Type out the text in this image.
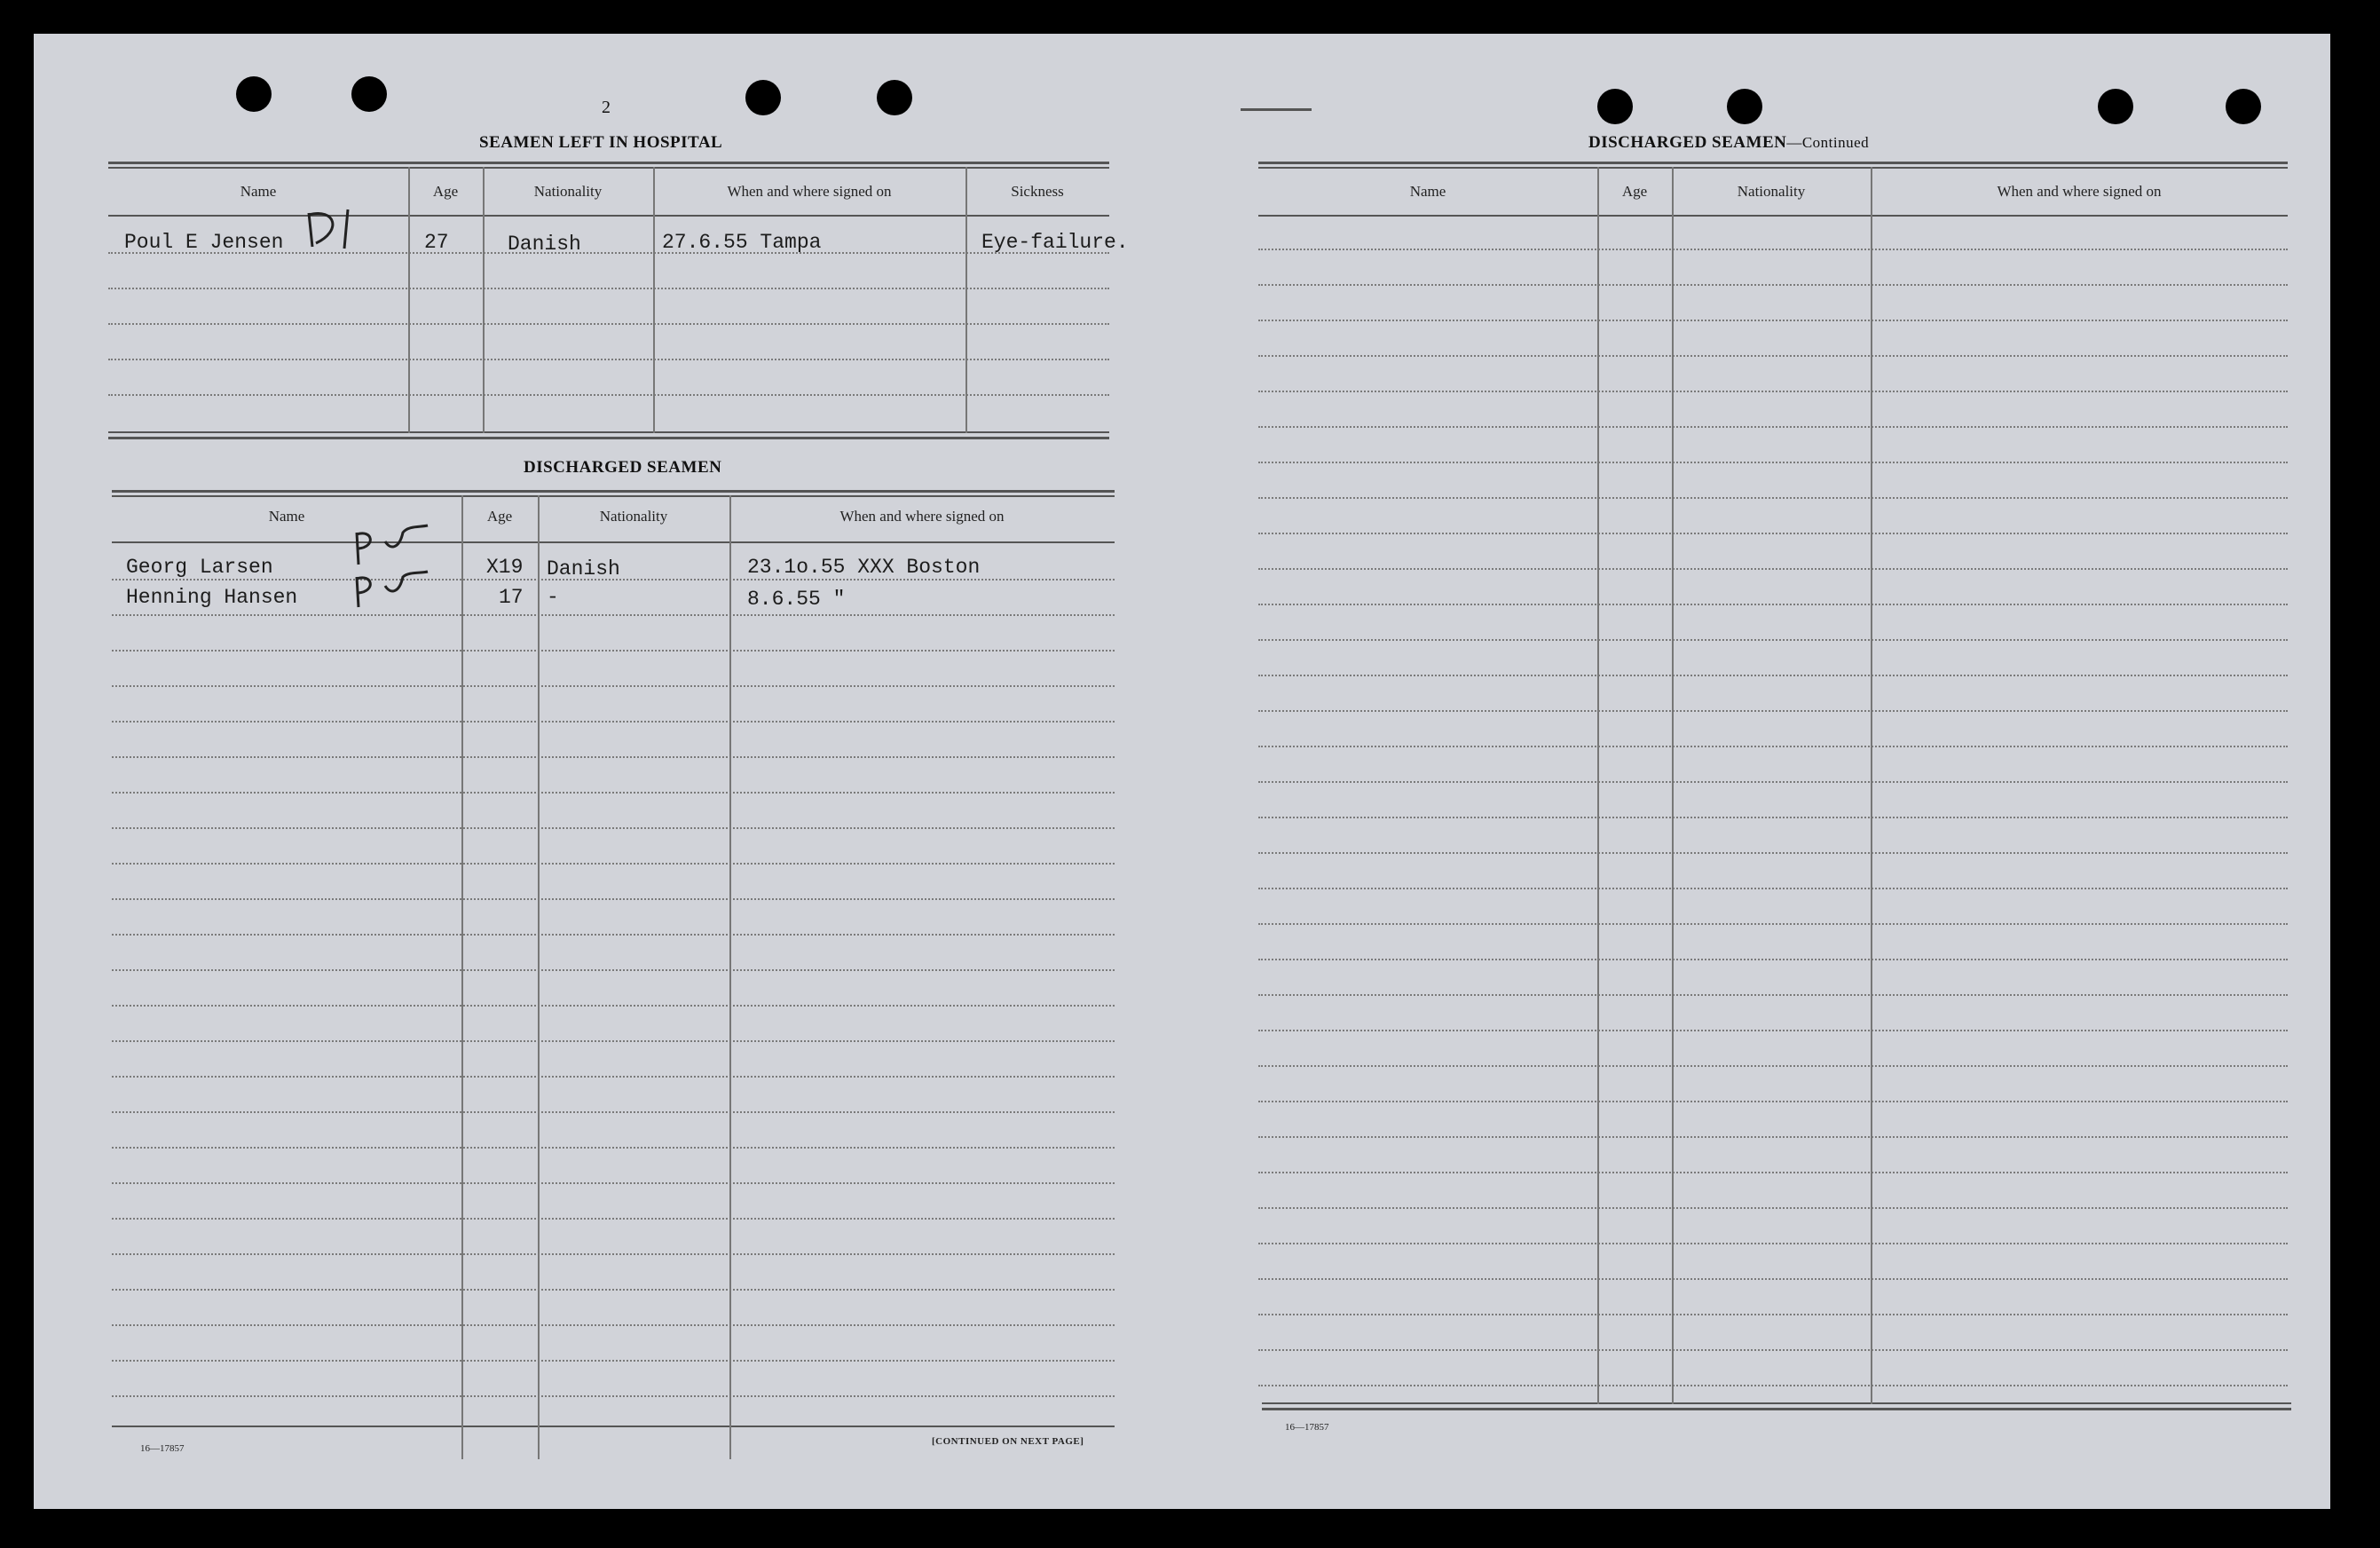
2
SEAMEN LEFT IN HOSPITAL
Name	Age	Nationality	When and where signed on	Sickness
Poul E Jensen	27	Danish	27.6.55 Tampa	Eye-failure.
DISCHARGED SEAMEN
Name	Age	Nationality	When and where signed on
Georg Larsen	X19 Danish	23.1o.55 XXX Boston
Henning Hansen	17 -	8.6.55 "
16—17857
[CONTINUED ON NEXT PAGE]
DISCHARGED SEAMEN—Continued
Name	Age	Nationality	When and where signed on
16—17857
